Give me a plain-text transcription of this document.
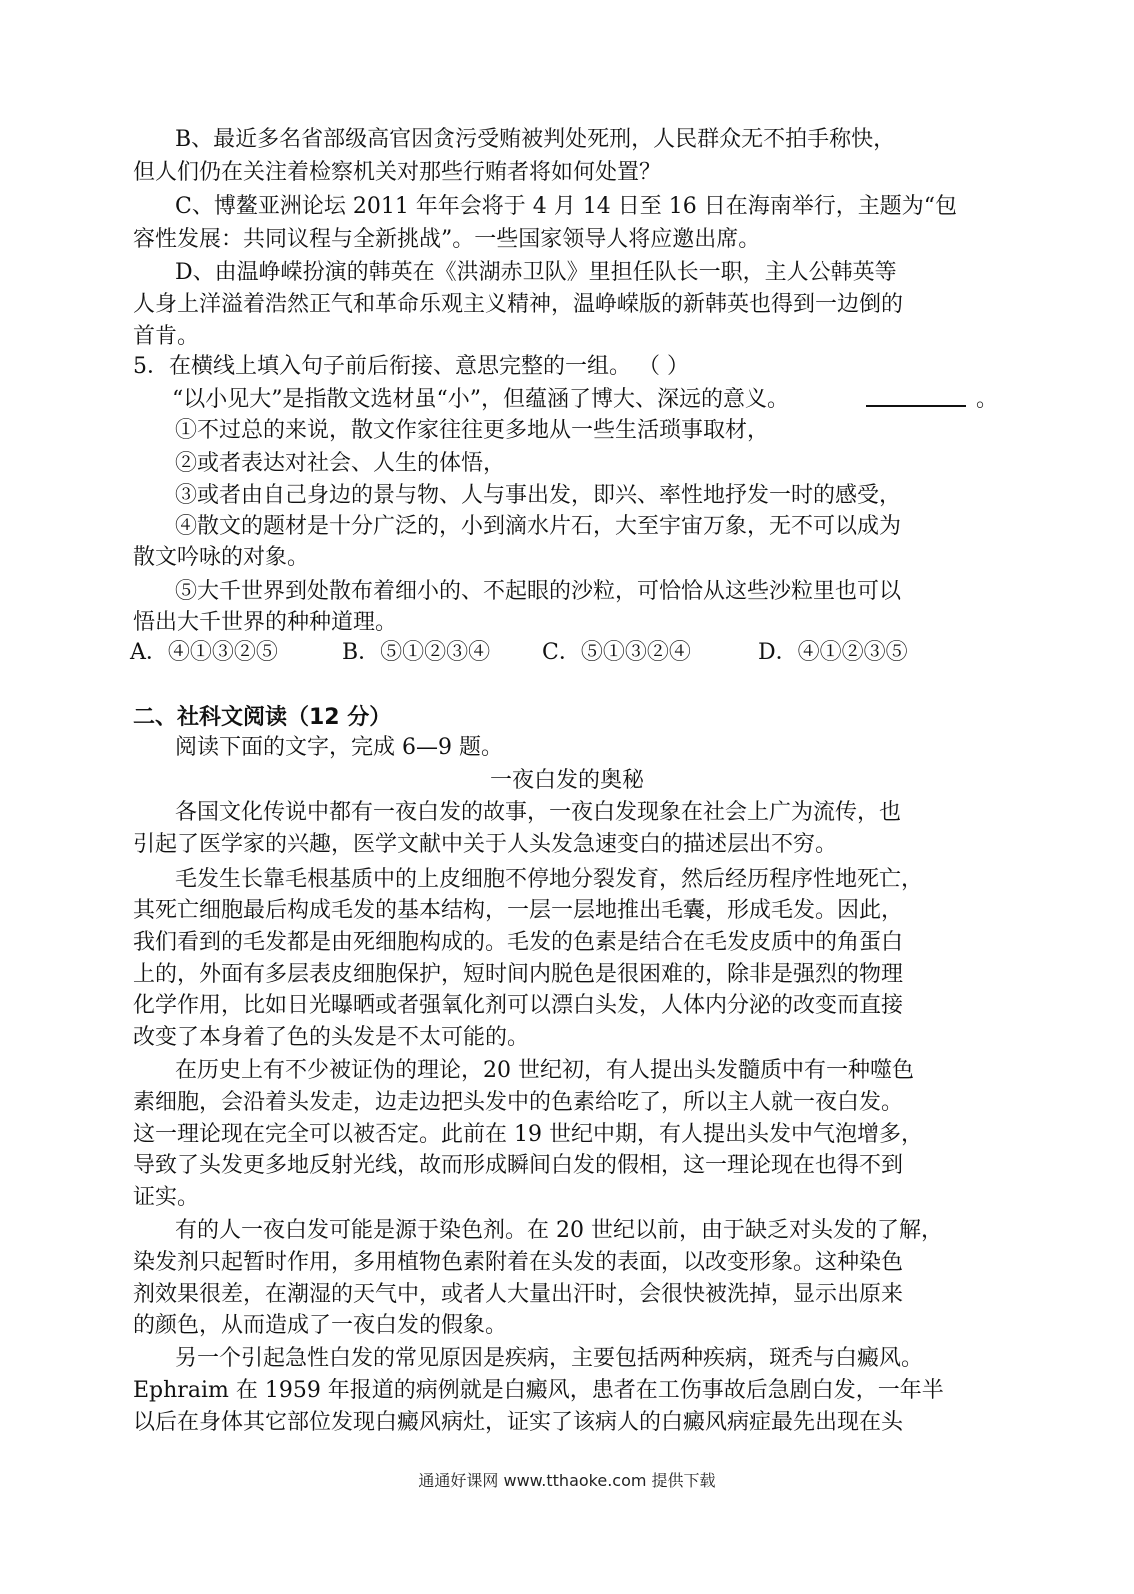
B、最近多名省部级高官因贪污受贿被判处死刑，人民群众无不拍手称快，
但人们仍在关注着检察机关对那些行贿者将如何处置？
C、博鳌亚洲论坛 2011 年年会将于 4 月 14 日至 16 日在海南举行，主题为“包
容性发展：共同议程与全新挑战”。一些国家领导人将应邀出席。
D、由温峥嵘扮演的韩英在《洪湖赤卫队》里担任队长一职，主人公韩英等
人身上洋溢着浩然正气和革命乐观主义精神，温峥嵘版的新韩英也得到一边倒的
首肯。
5．在横线上填入句子前后衔接、意思完整的一组。 （ ）
“以小见大”是指散文选材虽“小”，但蕴涵了博大、深远的意义。	。
①不过总的来说，散文作家往往更多地从一些生活琐事取材，
②或者表达对社会、人生的体悟，
③或者由自己身边的景与物、人与事出发，即兴、率性地抒发一时的感受，
④散文的题材是十分广泛的，小到滴水片石，大至宇宙万象，无不可以成为
散文吟咏的对象。
⑤大千世界到处散布着细小的、不起眼的沙粒，可恰恰从这些沙粒里也可以
悟出大千世界的种种道理。
A．④①③②⑤	B．⑤①②③④ C．⑤①③②④	D．④①②③⑤
二、社科文阅读（12 分）
阅读下面的文字，完成 6—9 题。
一夜白发的奥秘
各国文化传说中都有一夜白发的故事，一夜白发现象在社会上广为流传，也
引起了医学家的兴趣，医学文献中关于人头发急速变白的描述层出不穷。
毛发生长靠毛根基质中的上皮细胞不停地分裂发育，然后经历程序性地死亡，
其死亡细胞最后构成毛发的基本结构，一层一层地推出毛囊，形成毛发。因此，
我们看到的毛发都是由死细胞构成的。毛发的色素是结合在毛发皮质中的角蛋白
上的，外面有多层表皮细胞保护，短时间内脱色是很困难的，除非是强烈的物理
化学作用，比如日光曝晒或者强氧化剂可以漂白头发，人体内分泌的改变而直接
改变了本身着了色的头发是不太可能的。
在历史上有不少被证伪的理论，20 世纪初，有人提出头发髓质中有一种噬色
素细胞，会沿着头发走，边走边把头发中的色素给吃了，所以主人就一夜白发。
这一理论现在完全可以被否定。此前在 19 世纪中期，有人提出头发中气泡增多，
导致了头发更多地反射光线，故而形成瞬间白发的假相，这一理论现在也得不到
证实。
有的人一夜白发可能是源于染色剂。在 20 世纪以前，由于缺乏对头发的了解，
染发剂只起暂时作用，多用植物色素附着在头发的表面，以改变形象。这种染色
剂效果很差，在潮湿的天气中，或者人大量出汗时，会很快被洗掉，显示出原来
的颜色，从而造成了一夜白发的假象。
另一个引起急性白发的常见原因是疾病，主要包括两种疾病，斑秃与白癜风。
Ephraim 在 1959 年报道的病例就是白癜风，患者在工伤事故后急剧白发，一年半
以后在身体其它部位发现白癜风病灶，证实了该病人的白癜风病症最先出现在头
通通好课网 www.tthaoke.com 提供下载
